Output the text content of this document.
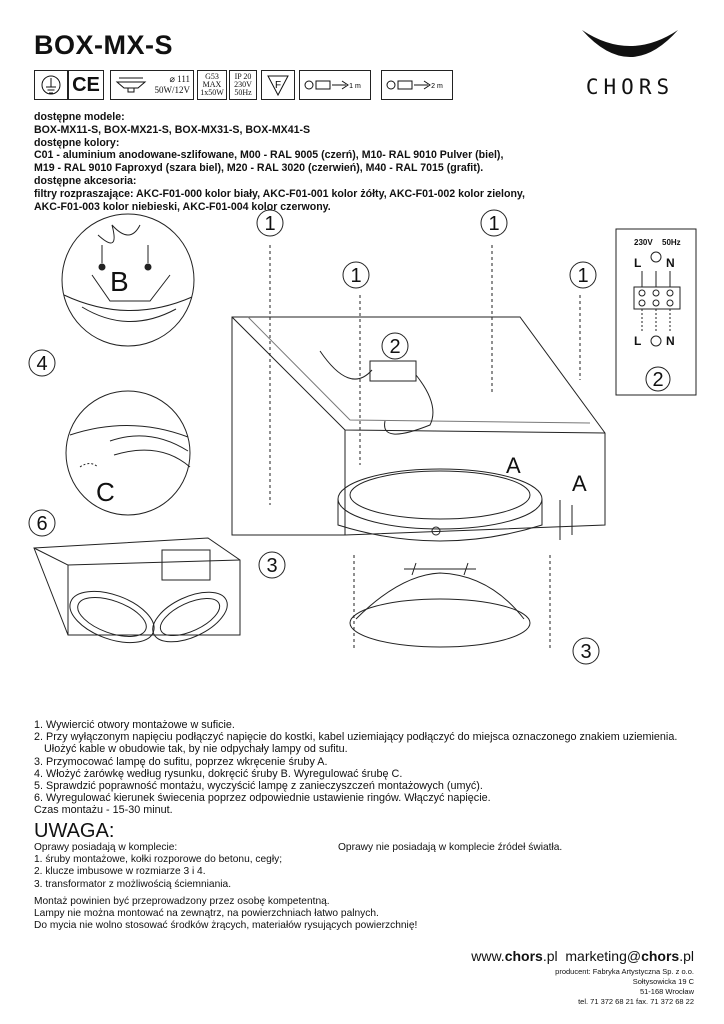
BOX-MX-S
CHORS
CE	⌀ 111
50W/12V
G53
MAX
1x50W
IP 20
230V
50Hz
F	1 m	2 m
dostępne modele:
BOX-MX11-S, BOX-MX21-S, BOX-MX31-S, BOX-MX41-S
dostępne kolory:
C01 - aluminium anodowane-szlifowane, M00 - RAL 9005 (czerń), M10- RAL 9010 Pulver (biel),
M19 - RAL 9010 Faproxyd (szara biel), M20 - RAL 3020 (czerwień), M40 - RAL 7015 (grafit).
dostępne akcesoria:
filtry rozpraszające: AKC-F01-000 kolor biały, AKC-F01-001 kolor żółty, AKC-F01-002 kolor zielony,
AKC-F01-003 kolor niebieski, AKC-F01-004 kolor czerwony.
B
4
C
6
1	1
1	1
2
3
3
A
A
230V 50Hz
L N
L N
2
1. Wywiercić otwory montażowe w suficie.
2. Przy wyłączonym napięciu podłączyć napięcie do kostki, kabel uziemiający podłączyć do miejsca oznaczonego znakiem uziemienia.
Ułożyć kable w obudowie tak, by nie odpychały lampy od sufitu.
3. Przymocować lampę do sufitu, poprzez wkręcenie śruby A.
4. Włożyć żarówkę według rysunku, dokręcić śruby B. Wyregulować śrubę C.
5. Sprawdzić poprawność montażu, wyczyścić lampę z zanieczyszczeń montażowych (umyć).
6. Wyregulować kierunek świecenia poprzez odpowiednie ustawienie ringów. Włączyć napięcie.
Czas montażu - 15-30 minut.
UWAGA:
Oprawy posiadają w komplecie:
1. śruby montażowe, kołki rozporowe do betonu, cegły;
2. klucze imbusowe w rozmiarze 3 i 4.
3. transformator z możliwością ściemniania.
Oprawy nie posiadają w komplecie źródeł światła.
Montaż powinien być przeprowadzony przez osobę kompetentną.
Lampy nie można montować na zewnątrz, na powierzchniach łatwo palnych.
Do mycia nie wolno stosować środków żrących, materiałów rysujących powierzchnię!
www.chors.pl marketing@chors.pl
producent: Fabryka Artystyczna Sp. z o.o.
Sołtysowicka 19 C
51-168 Wrocław
tel. 71 372 68 21 fax. 71 372 68 22
